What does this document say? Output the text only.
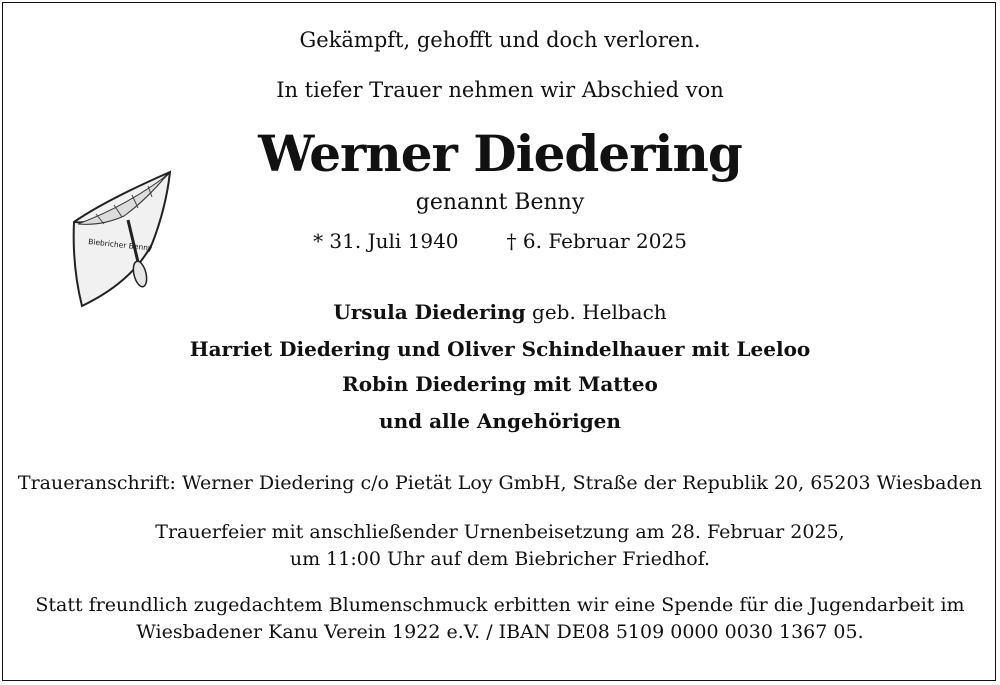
Gekämpft, gehofft und doch verloren.
In tiefer Trauer nehmen wir Abschied von
Werner Diedering
genannt Benny
* 31. Juli 1940 † 6. Februar 2025
Biebricher Benny
Ursula Diedering geb. Helbach
Harriet Diedering und Oliver Schindelhauer mit Leeloo
Robin Diedering mit Matteo
und alle Angehörigen
Traueranschrift: Werner Diedering c/o Pietät Loy GmbH, Straße der Republik 20, 65203 Wiesbaden
Trauerfeier mit anschließender Urnenbeisetzung am 28. Februar 2025,
um 11:00 Uhr auf dem Biebricher Friedhof.
Statt freundlich zugedachtem Blumenschmuck erbitten wir eine Spende für die Jugendarbeit im
Wiesbadener Kanu Verein 1922 e.V. / IBAN DE08 5109 0000 0030 1367 05.
